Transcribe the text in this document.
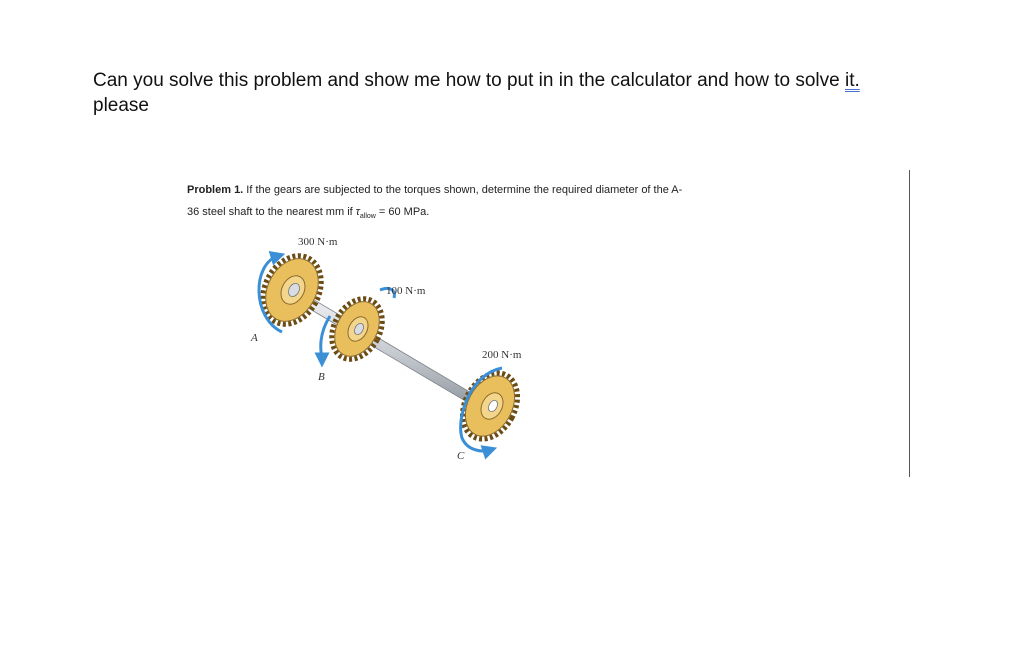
Can you solve this problem and show me how to put in in the calculator and how to solve it.
please
Problem 1. If the gears are subjected to the torques shown, determine the required diameter of the A-
36 steel shaft to the nearest mm if $\tau_{allow} = 60$ MPa.
300 N·m
100 N·m
200 N·m
A
B
C
